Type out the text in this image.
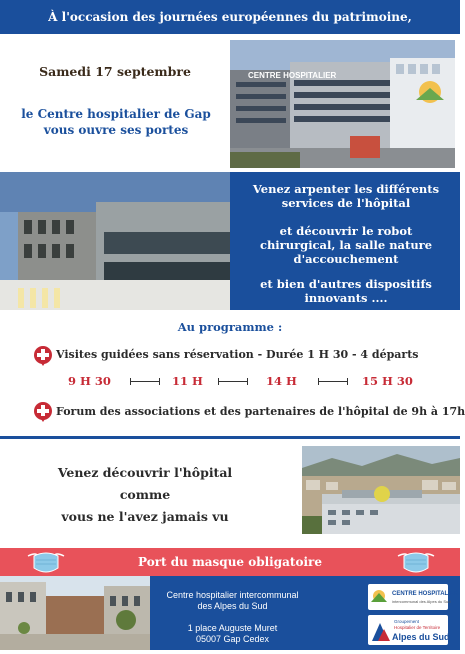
À l'occasion des journées européennes du patrimoine,
Samedi 17 septembre
le Centre hospitalier de Gap
vous ouvre ses portes
CENTRE HOSPITALIER
Venez arpenter les différents
services de l'hôpital
et découvrir le robot
chirurgical, la salle nature
d'accouchement
et bien d'autres dispositifs
innovants ....
Au programme :
Visites guidées sans réservation - Durée 1 H 30 - 4 départs
9 H 30	11 H	14 H	15 H 30
Forum des associations et des partenaires de l'hôpital de 9h à 17h
Venez découvrir l'hôpital
comme
vous ne l'avez jamais vu
Port du masque obligatoire
Centre hospitalier intercommunal
des Alpes du Sud
1 place Auguste Muret
05007 Gap Cedex
CENTRE HOSPITALIER
intercommunal des Alpes du Sud
Groupement
Hospitalier de Territoire
Alpes du Sud
